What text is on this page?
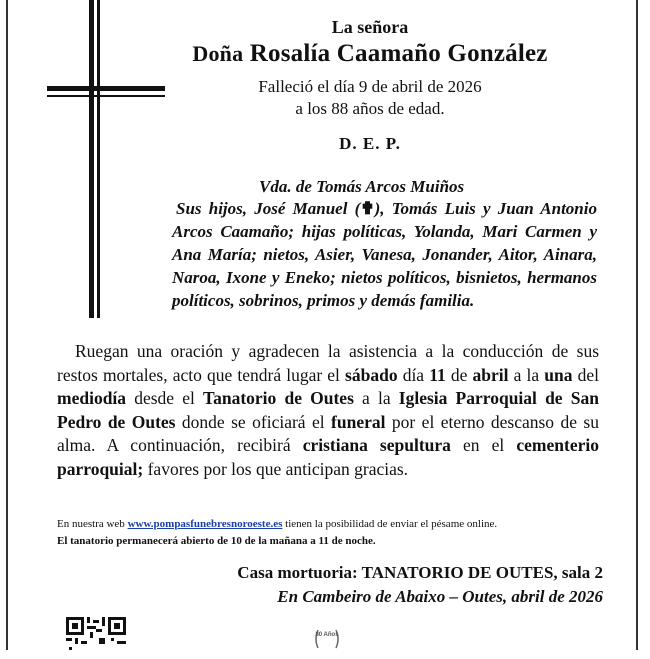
La señora
Doña Rosalía Caamaño González
Falleció el día 9 de abril de 2026
a los 88 años de edad.
D. E. P.
Vda. de Tomás Arcos Muiños

Sus hijos, José Manuel (✟), Tomás Luis y Juan Antonio Arcos Caamaño; hijas políticas, Yolanda, Mari Carmen y Ana María; nietos, Asier, Vanesa, Jonander, Aitor, Ainara, Naroa, Ixone y Eneko; nietos políticos, bisnietos, hermanos políticos, sobrinos, primos y demás familia.

Ruegan una oración y agradecen la asistencia a la conducción de sus restos mortales, acto que tendrá lugar el sábado día 11 de abril a la una del mediodía desde el Tanatorio de Outes a la Iglesia Parroquial de San Pedro de Outes donde se oficiará el funeral por el eterno descanso de su alma. A continuación, recibirá cristiana sepultura en el cementerio parroquial; favores por los que anticipan gracias.

En nuestra web www.pompasfunebresnoroeste.es tienen la posibilidad de enviar el pésame online.

El tanatorio permanecerá abierto de 10 de la mañana a 11 de noche.

Casa mortuoria: TANATORIO DE OUTES, sala 2
En Cambeiro de Abaixo – Outes, abril de 2026
80 Años
